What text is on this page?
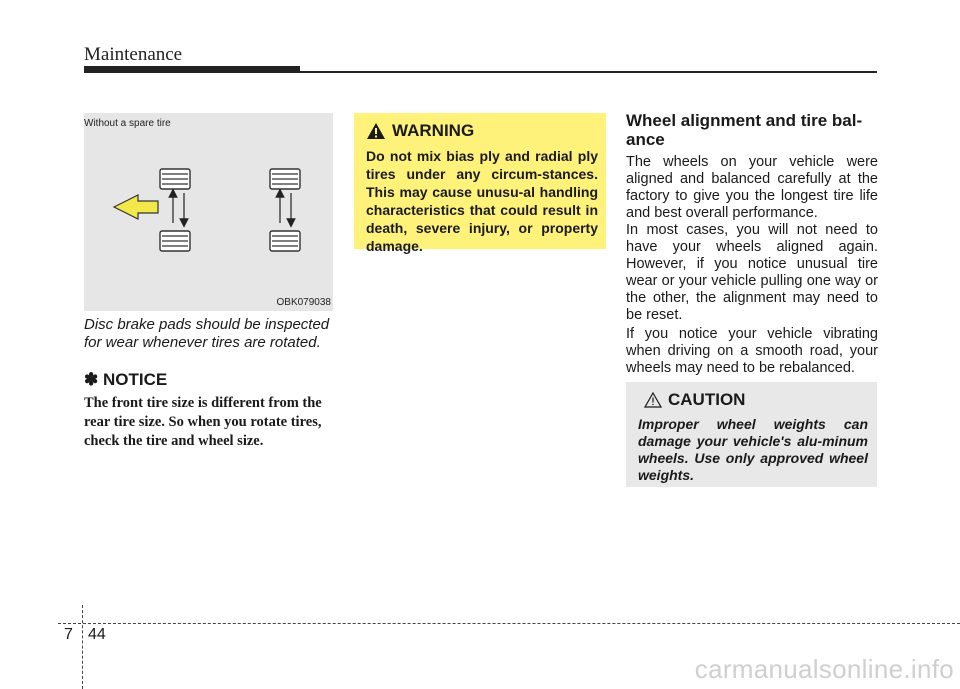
Maintenance
Without a spare tire
OBK079038
Disc brake pads should be inspected for wear whenever tires are rotated.
✽ NOTICE
The front tire size is different from the rear tire size. So when you rotate tires, check the tire and wheel size.
WARNING
Do not mix bias ply and radial ply tires under any circum-stances. This may cause unusu-al handling characteristics that could result in death, severe injury, or property damage.
Wheel alignment and tire bal-ance
The wheels on your vehicle were aligned and balanced carefully at the factory to give you the longest tire life and best overall performance.
In most cases, you will not need to have your wheels aligned again. However, if you notice unusual tire wear or your vehicle pulling one way or the other, the alignment may need to be reset.
If you notice your vehicle vibrating when driving on a smooth road, your wheels may need to be rebalanced.
CAUTION
Improper wheel weights can damage your vehicle's alu-minum wheels. Use only approved wheel weights.
7 44
carmanualsonline.info
